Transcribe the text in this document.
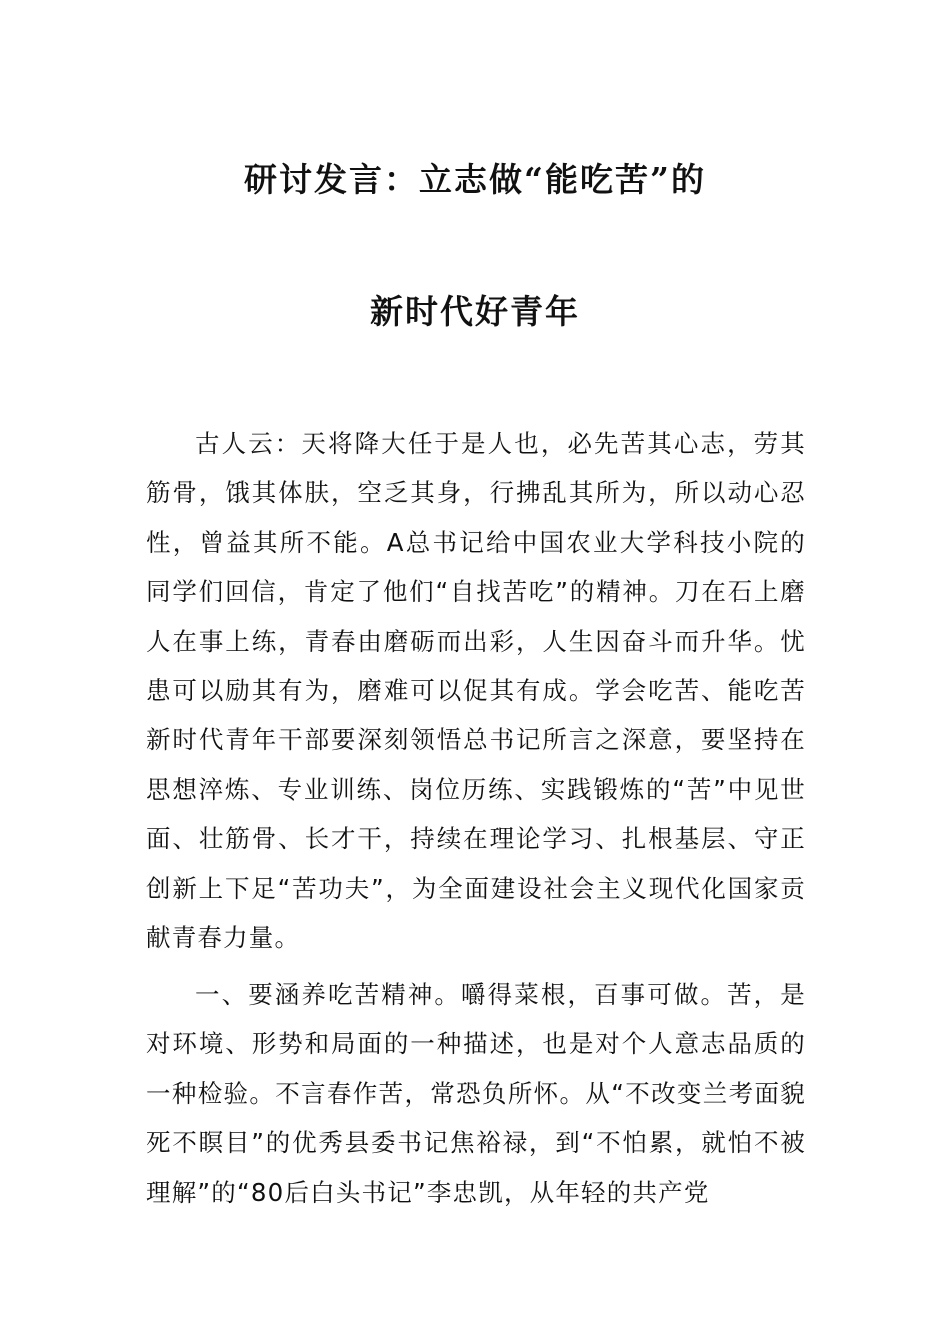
研讨发言：立志做“能吃苦”的
新时代好青年

古人云：天将降大任于是人也，必先苦其心志，劳其筋骨，饿其体肤，空乏其身，行拂乱其所为，所以动心忍性，曾益其所不能。A总书记给中国农业大学科技小院的同学们回信，肯定了他们“自找苦吃”的精神。刀在石上磨人在事上练，青春由磨砺而出彩，人生因奋斗而升华。忧患可以励其有为，磨难可以促其有成。学会吃苦、能吃苦新时代青年干部要深刻领悟总书记所言之深意，要坚持在思想淬炼、专业训练、岗位历练、实践锻炼的“苦”中见世面、壮筋骨、长才干，持续在理论学习、扎根基层、守正创新上下足“苦功夫”，为全面建设社会主义现代化国家贡献青春力量。

一、要涵养吃苦精神。嚼得菜根，百事可做。苦，是对环境、形势和局面的一种描述，也是对个人意志品质的一种检验。不言春作苦，常恐负所怀。从“不改变兰考面貌死不瞑目”的优秀县委书记焦裕禄，到“不怕累，就怕不被理解”的“80后白头书记”李忠凯，从年轻的共产党
